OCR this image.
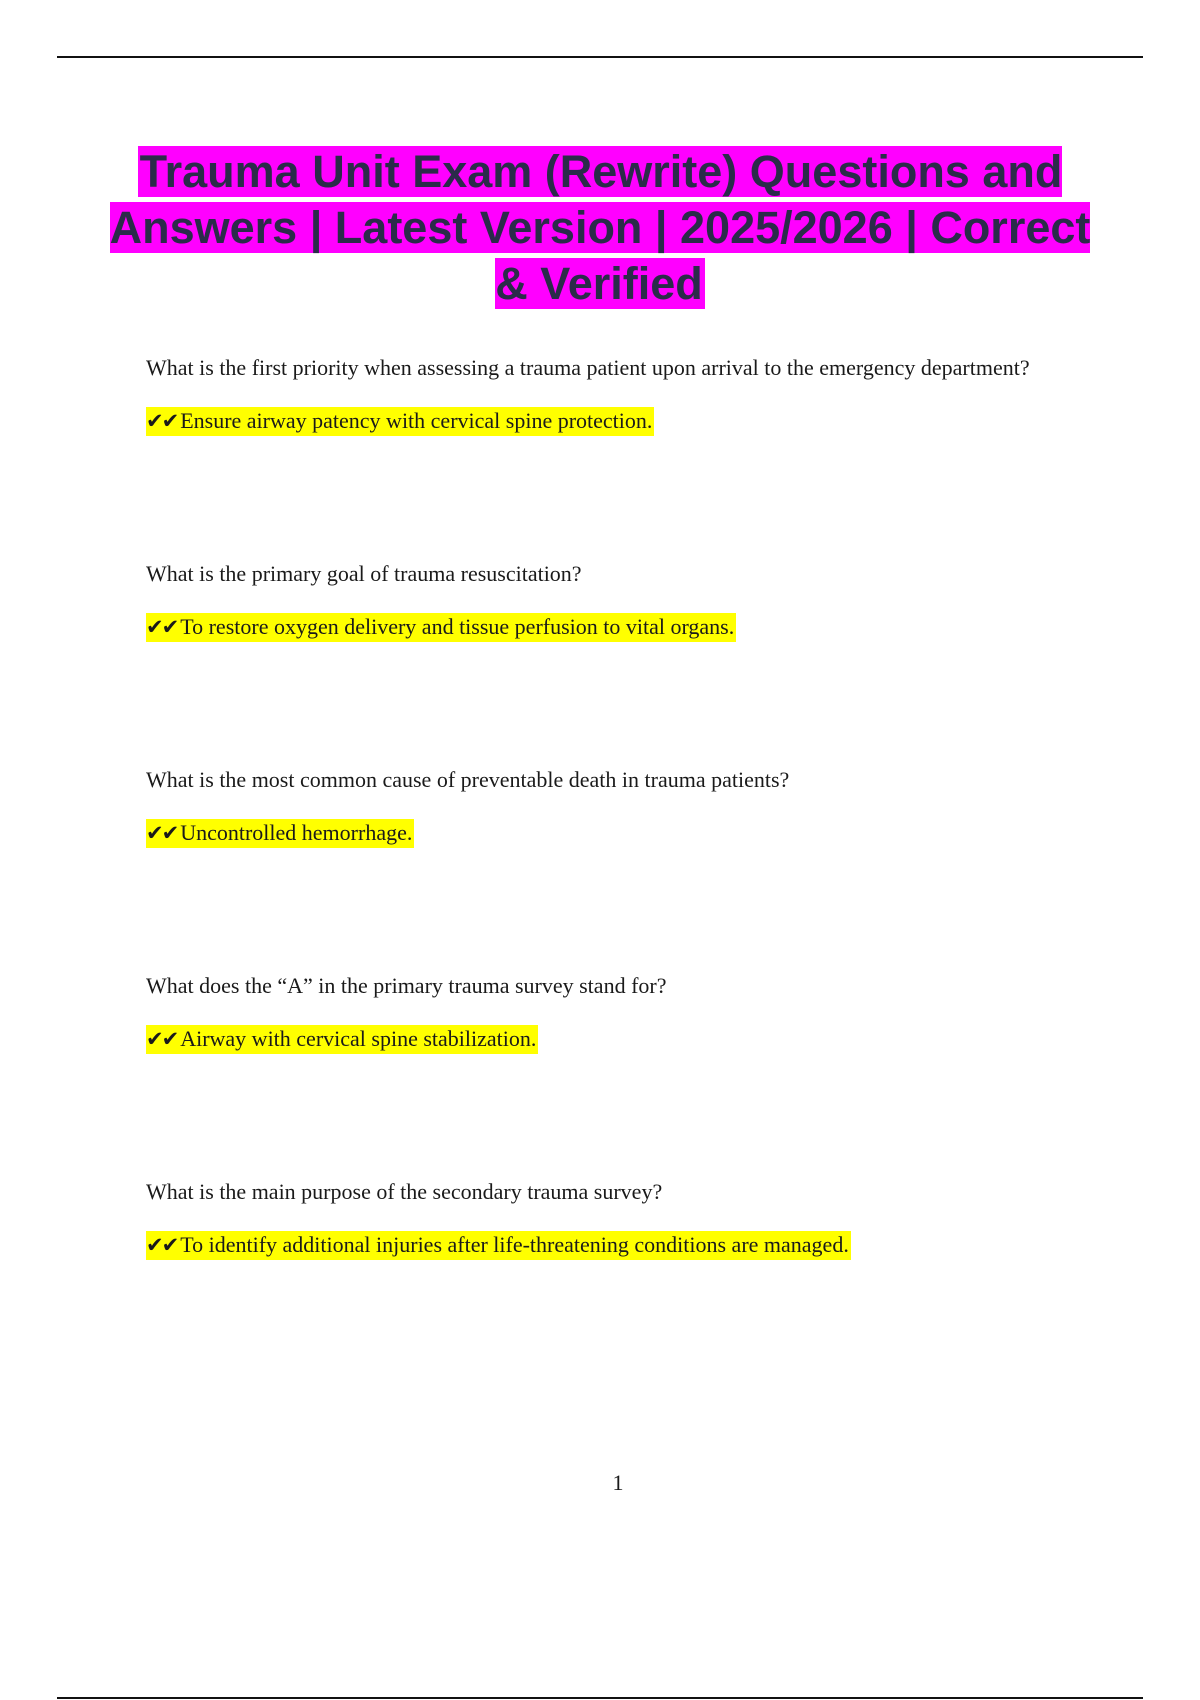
Trauma Unit Exam (Rewrite) Questions and Answers | Latest Version | 2025/2026 | Correct & Verified

What is the first priority when assessing a trauma patient upon arrival to the emergency department?

✔✔ Ensure airway patency with cervical spine protection.

What is the primary goal of trauma resuscitation?

✔✔ To restore oxygen delivery and tissue perfusion to vital organs.

What is the most common cause of preventable death in trauma patients?

✔✔ Uncontrolled hemorrhage.

What does the “A” in the primary trauma survey stand for?

✔✔ Airway with cervical spine stabilization.

What is the main purpose of the secondary trauma survey?

✔✔ To identify additional injuries after life-threatening conditions are managed.

1
